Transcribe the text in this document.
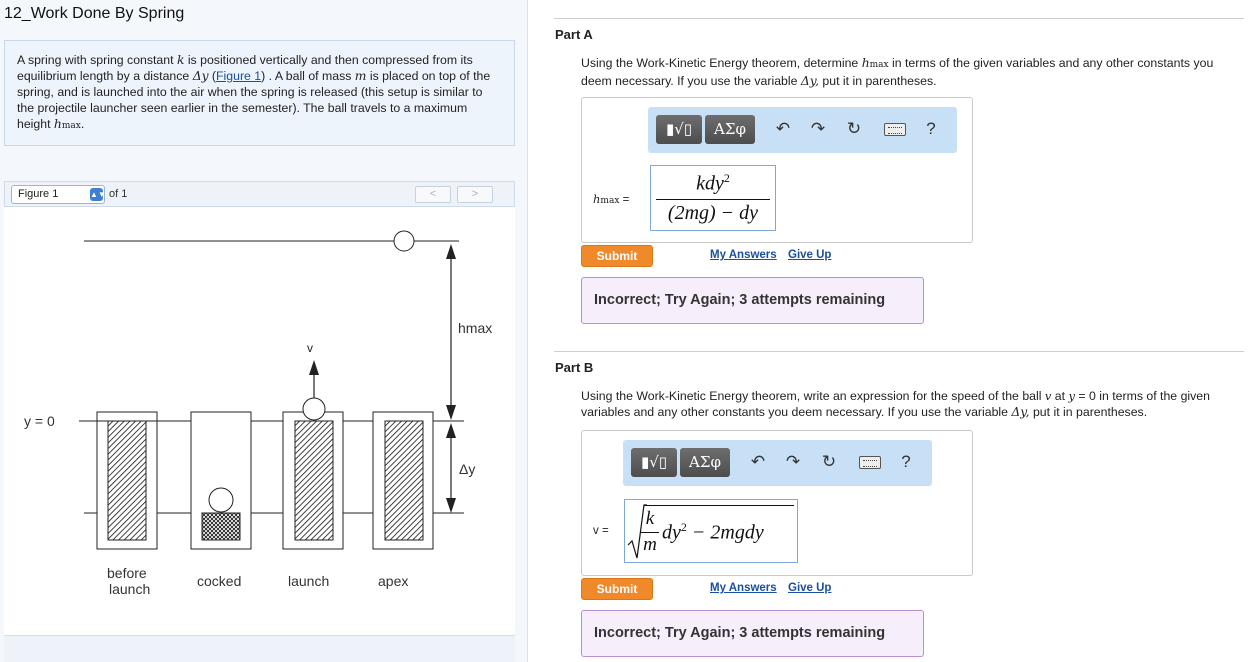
12_Work Done By Spring
A spring with spring constant k is positioned vertically and then compressed from its equilibrium length by a distance Δy (Figure 1) . A ball of mass m is placed on top of the spring, and is launched into the air when the spring is released (this setup is similar to the projectile launcher seen earlier in the semester). The ball travels to a maximum height hmax.
Figure 1	▲▼ of 1	<	>
y = 0
v
hmax
Δy
before
launch	cocked	launch	apex
Part A
Using the Work-Kinetic Energy theorem, determine hmax in terms of the given variables and any other constants you deem necessary. If you use the variable Δy, put it in parentheses.
▮√▯	ΑΣφ	↶ ↷ ↻	?
hmax =
kdy$^2$
(2mg) − dy
Submit	My Answers Give Up
Incorrect; Try Again; 3 attempts remaining
Part B
Using the Work-Kinetic Energy theorem, write an expression for the speed of the ball v at y = 0 in terms of the given variables and any other constants you deem necessary. If you use the variable Δy, put it in parentheses.
▮√▯	ΑΣφ	↶ ↷ ↻	?
v =
k
m
$dy^2$ − 2mgdy
Submit	My Answers Give Up
Incorrect; Try Again; 3 attempts remaining
